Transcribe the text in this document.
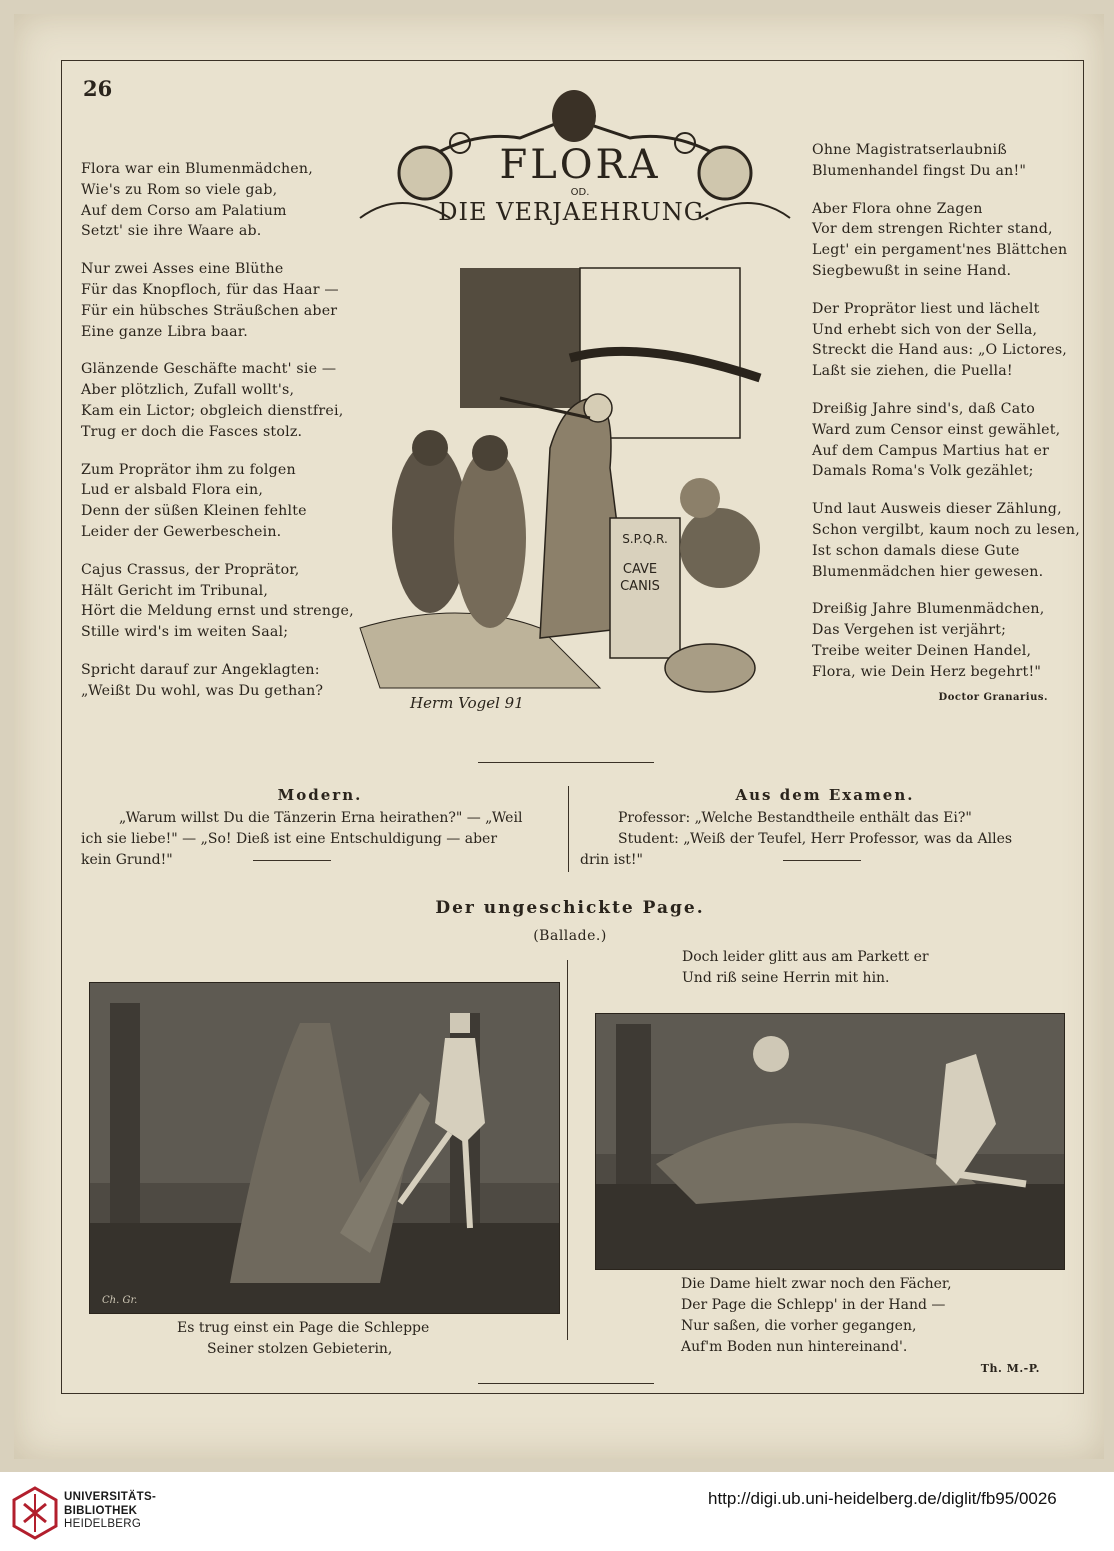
26
Flora war ein Blumenmädchen,
Wie's zu Rom so viele gab,
Auf dem Corso am Palatium
Setzt' sie ihre Waare ab.
Nur zwei Asses eine Blüthe
Für das Knopfloch, für das Haar —
Für ein hübsches Sträußchen aber
Eine ganze Libra baar.
Glänzende Geschäfte macht' sie —
Aber plötzlich, Zufall wollt's,
Kam ein Lictor; obgleich dienstfrei,
Trug er doch die Fasces stolz.
Zum Proprätor ihm zu folgen
Lud er alsbald Flora ein,
Denn der süßen Kleinen fehlte
Leider der Gewerbeschein.
Cajus Crassus, der Proprätor,
Hält Gericht im Tribunal,
Hört die Meldung ernst und strenge,
Stille wird's im weiten Saal;
Spricht darauf zur Angeklagten:
„Weißt Du wohl, was Du gethan?
Ohne Magistratserlaubniß
Blumenhandel fingst Du an!"
Aber Flora ohne Zagen
Vor dem strengen Richter stand,
Legt' ein pergament'nes Blättchen
Siegbewußt in seine Hand.
Der Proprätor liest und lächelt
Und erhebt sich von der Sella,
Streckt die Hand aus: „O Lictores,
Laßt sie ziehen, die Puella!
Dreißig Jahre sind's, daß Cato
Ward zum Censor einst gewählet,
Auf dem Campus Martius hat er
Damals Roma's Volk gezählet;
Und laut Ausweis dieser Zählung,
Schon vergilbt, kaum noch zu lesen,
Ist schon damals diese Gute
Blumenmädchen hier gewesen.
Dreißig Jahre Blumenmädchen,
Das Vergehen ist verjährt;
Treibe weiter Deinen Handel,
Flora, wie Dein Herz begehrt!"
Doctor Granarius.
FLORA
OD.
DIE VERJAEHRUNG.
S.P.Q.R.
CAVE
CANIS
Herm Vogel 91
Modern.
„Warum willst Du die Tänzerin Erna heirathen?" — „Weil
ich sie liebe!" — „So! Dieß ist eine Entschuldigung — aber
kein Grund!"
Aus dem Examen.
Professor: „Welche Bestandtheile enthält das Ei?"
Student: „Weiß der Teufel, Herr Professor, was da Alles
drin ist!"
Der ungeschickte Page.
(Ballade.)
Doch leider glitt aus am Parkett er
Und riß seine Herrin mit hin.
Ch. Gr.
Es trug einst ein Page die Schleppe
Seiner stolzen Gebieterin,
Die Dame hielt zwar noch den Fächer,
Der Page die Schlepp' in der Hand —
Nur saßen, die vorher gegangen,
Auf'm Boden nun hintereinand'.
Th. M.-P.
UNIVERSITÄTS-
BIBLIOTHEK
HEIDELBERG
http://digi.ub.uni-heidelberg.de/diglit/fb95/0026
